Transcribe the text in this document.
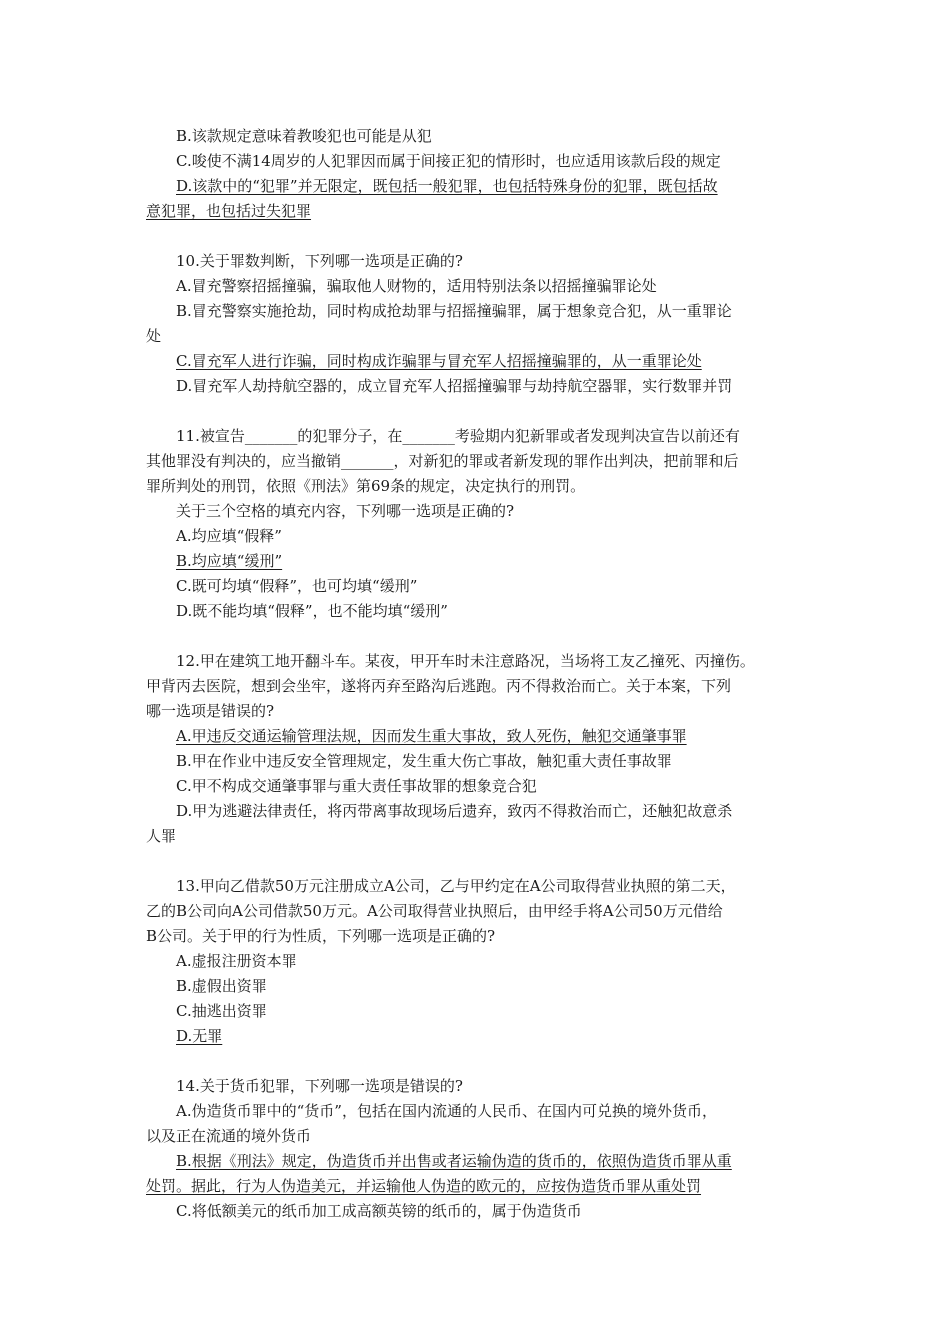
B.该款规定意味着教唆犯也可能是从犯
C.唆使不满14周岁的人犯罪因而属于间接正犯的情形时，也应适用该款后段的规定
D.该款中的“犯罪”并无限定，既包括一般犯罪，也包括特殊身份的犯罪，既包括故
意犯罪，也包括过失犯罪
10.关于罪数判断，下列哪一选项是正确的?
A.冒充警察招摇撞骗，骗取他人财物的，适用特别法条以招摇撞骗罪论处
B.冒充警察实施抢劫，同时构成抢劫罪与招摇撞骗罪，属于想象竞合犯，从一重罪论
处
C.冒充军人进行诈骗，同时构成诈骗罪与冒充军人招摇撞骗罪的，从一重罪论处
D.冒充军人劫持航空器的，成立冒充军人招摇撞骗罪与劫持航空器罪，实行数罪并罚
11.被宣告_______的犯罪分子，在_______考验期内犯新罪或者发现判决宣告以前还有
其他罪没有判决的，应当撤销_______，对新犯的罪或者新发现的罪作出判决，把前罪和后
罪所判处的刑罚，依照《刑法》第69条的规定，决定执行的刑罚。
关于三个空格的填充内容，下列哪一选项是正确的?
A.均应填“假释”
B.均应填“缓刑”
C.既可均填“假释”，也可均填“缓刑”
D.既不能均填“假释”，也不能均填“缓刑”
12.甲在建筑工地开翻斗车。某夜，甲开车时未注意路况，当场将工友乙撞死、丙撞伤。
甲背丙去医院，想到会坐牢，遂将丙弃至路沟后逃跑。丙不得救治而亡。关于本案，下列
哪一选项是错误的?
A.甲违反交通运输管理法规，因而发生重大事故，致人死伤，触犯交通肇事罪
B.甲在作业中违反安全管理规定，发生重大伤亡事故，触犯重大责任事故罪
C.甲不构成交通肇事罪与重大责任事故罪的想象竞合犯
D.甲为逃避法律责任，将丙带离事故现场后遗弃，致丙不得救治而亡，还触犯故意杀
人罪
13.甲向乙借款50万元注册成立A公司，乙与甲约定在A公司取得营业执照的第二天，
乙的B公司向A公司借款50万元。A公司取得营业执照后，由甲经手将A公司50万元借给
B公司。关于甲的行为性质，下列哪一选项是正确的?
A.虚报注册资本罪
B.虚假出资罪
C.抽逃出资罪
D.无罪
14.关于货币犯罪，下列哪一选项是错误的?
A.伪造货币罪中的“货币”，包括在国内流通的人民币、在国内可兑换的境外货币，
以及正在流通的境外货币
B.根据《刑法》规定，伪造货币并出售或者运输伪造的货币的，依照伪造货币罪从重
处罚。据此，行为人伪造美元，并运输他人伪造的欧元的，应按伪造货币罪从重处罚
C.将低额美元的纸币加工成高额英镑的纸币的，属于伪造货币
